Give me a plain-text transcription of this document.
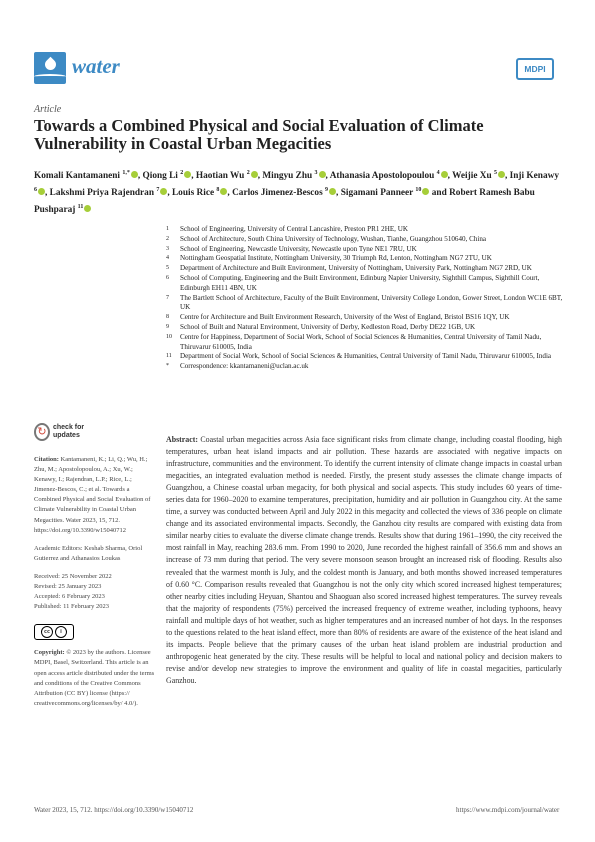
water	MDPI
Article
Towards a Combined Physical and Social Evaluation of Climate Vulnerability in Coastal Urban Megacities
Komali Kantamaneni $^{1,*}$ , Qiong Li $^2$ , Haotian Wu $^2$ , Mingyu Zhu $^3$ , Athanasia Apostolopoulou $^4$ , Weijie Xu $^5$ , Inji Kenawy $^6$ , Lakshmi Priya Rajendran $^7$ , Louis Rice $^8$ , Carlos Jimenez-Bescos $^9$ , Sigamani Panneer $^{10}$ and Robert Ramesh Babu Pushparaj $^{11}$
1	School of Engineering, University of Central Lancashire, Preston PR1 2HE, UK
2	School of Architecture, South China University of Technology, Wushan, Tianhe, Guangzhou 510640, China
3	School of Engineering, Newcastle University, Newcastle upon Tyne NE1 7RU, UK
4	Nottingham Geospatial Institute, Nottingham University, 30 Triumph Rd, Lenton, Nottingham NG7 2TU, UK
5	Department of Architecture and Built Environment, University of Nottingham, University Park, Nottingham NG7 2RD, UK
6	School of Computing, Engineering and the Built Environment, Edinburg Napier University, Sighthill Campus, Sighthill Court, Edinburgh EH11 4BN, UK
7	The Bartlett School of Architecture, Faculty of the Built Environment, University College London, Gower Street, London WC1E 6BT, UK
8	Centre for Architecture and Built Environment Research, University of the West of England, Bristol BS16 1QY, UK
9	School of Built and Natural Environment, University of Derby, Kedleston Road, Derby DE22 1GB, UK
10	Centre for Happiness, Department of Social Work, School of Social Sciences & Humanities, Central University of Tamil Nadu, Thiruvarur 610005, India
11	Department of Social Work, School of Social Sciences & Humanities, Central University of Tamil Nadu, Thiruvarur 610005, India
*	Correspondence: kkantamaneni@uclan.ac.uk
↻ check for
updates
Citation: Kantamaneni, K.; Li, Q.; Wu, H.; Zhu, M.; Apostolopoulou, A.; Xu, W.; Kenawy, I.; Rajendran, L.P.; Rice, L.; Jimenez-Bescos, C.; et al. Towards a Combined Physical and Social Evaluation of Climate Vulnerability in Coastal Urban Megacities. Water 2023, 15, 712. https://doi.org/10.3390/w15040712
Academic Editors: Keshab Sharma, Oriol Gutierrez and Athanasios Loukas
Received: 25 November 2022
Revised: 25 January 2023
Accepted: 6 February 2023
Published: 11 February 2023
cc	i
Copyright: © 2023 by the authors. Licensee MDPI, Basel, Switzerland. This article is an open access article distributed under the terms and conditions of the Creative Commons Attribution (CC BY) license (https:// creativecommons.org/licenses/by/ 4.0/).
Abstract: Coastal urban megacities across Asia face significant risks from climate change, including coastal flooding, high temperatures, urban heat island impacts and air pollution. These hazards are associated with negative impacts on infrastructure, communities and the environment. To identify the current intensity of climate change impacts in coastal urban megacities, an integrated evaluation method is needed. Firstly, the present study assesses the climate change impacts of Guangzhou, a Chinese coastal urban megacity, for both physical and social aspects. This study includes 60 years of time-series data for 1960–2020 to examine temperatures, precipitation, humidity and air pollution in Guangzhou city. At the same time, a survey was conducted between April and July 2022 in this megacity and collected the views of 336 people on climate change and its associated environmental impacts. Secondly, the Ganzhou city results are compared with existing data from similar nearby cities to evaluate the diverse climate change trends. Results show that during 1961–1990, the city received the most rainfall in May, reaching 283.6 mm. From 1990 to 2020, June recorded the highest rainfall of 356.6 mm and shows an increase of 73 mm during that period. The very severe monsoon season brought an increased risk of flooding. Results also revealed that the warmest month is July, and the coldest month is January, and both months showed increased temperatures of 0.60 °C. Comparison results revealed that Guangzhou is not the only city which scored increased highest temperatures; other nearby cities including Heyuan, Shantou and Shaoguan also scored increased highest temperatures. The survey reveals that the majority of respondents (75%) perceived the increased frequency of extreme weather, including typhoons, heavy rainfall and multiple days of hot weather, such as higher temperatures and an increased number of hot days. In the responses to the questions related to the heat island effect, more than 80% of residents are aware of the existence of the heat island and its impacts. People believe that the primary causes of the urban heat island problem are industrial production and anthropogenic heat generated by the city. These results will be helpful to local and national policy and decision makers to revise and/or develop new strategies to improve the environment and quality of life in coastal megacities, particularly Ganzhou.
Water 2023, 15, 712. https://doi.org/10.3390/w15040712	https://www.mdpi.com/journal/water
